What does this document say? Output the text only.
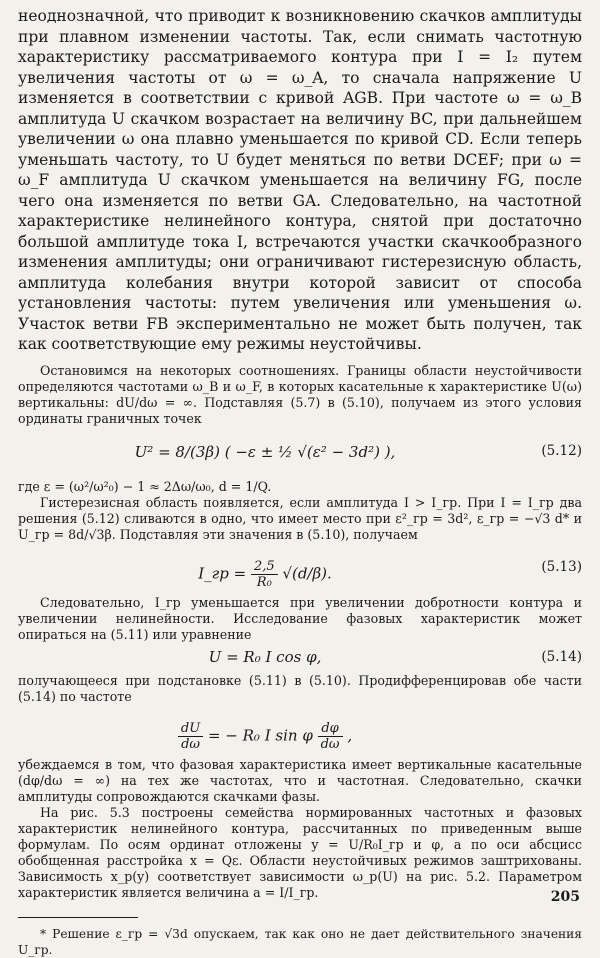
неоднозначной, что приводит к возникновению скачков амплитуды при плавном изменении частоты. Так, если снимать частотную характеристику рассматриваемого контура при I = I₂ путем увеличения частоты от ω = ω_A, то сначала напряжение U изменяется в соответствии с кривой AGB. При частоте ω = ω_B амплитуда U скачком возрастает на величину BC, при дальнейшем увеличении ω она плавно уменьшается по кривой CD. Если теперь уменьшать частоту, то U будет меняться по ветви DCEF; при ω = ω_F амплитуда U скачком уменьшается на величину FG, после чего она изменяется по ветви GA. Следовательно, на частотной характеристике нелинейного контура, снятой при достаточно большой амплитуде тока I, встречаются участки скачкообразного изменения амплитуды; они ограничивают гистерезисную область, амплитуда колебания внутри которой зависит от способа установления частоты: путем увеличения или уменьшения ω. Участок ветви FB экспериментально не может быть получен, так как соответствующие ему режимы неустойчивы.

Остановимся на некоторых соотношениях. Границы области неустойчивости определяются частотами ω_B и ω_F, в которых касательные к характеристике U(ω) вертикальны: dU/dω = ∞. Подставляя (5.7) в (5.10), получаем из этого условия ординаты граничных точек

U² = 8/(3β) ( −ε ± ½ √(ε² − 3d²) ),	(5.12)

где ε = (ω²/ω²₀) − 1 ≈ 2Δω/ω₀, d = 1/Q.

Гистерезисная область появляется, если амплитуда I > I_гр. При I = I_гр два решения (5.12) сливаются в одно, что имеет место при ε²_гр = 3d², ε_гр = −√3 d* и U_гр = 8d/√3β. Подставляя эти значения в (5.10), получаем

I_гр = $\frac{2,5}{\text{R₀}} √(d/\beta)$.	(5.13)

Следовательно, I_гр уменьшается при увеличении добротности контура и увеличении нелинейности. Исследование фазовых характеристик может опираться на (5.11) или уравнение

U = R₀ I cos φ,	(5.14)

получающееся при подстановке (5.11) в (5.10). Продифференцировав обе части (5.14) по частоте

$\frac{dU}{d\omega}$ = − R₀ I sin φ $\frac{d\varphi}{d\omega}$ ,

убеждаемся в том, что фазовая характеристика имеет вертикальные касательные (dφ/dω = ∞) на тех же частотах, что и частотная. Следовательно, скачки амплитуды сопровождаются скачками фазы.

На рис. 5.3 построены семейства нормированных частотных и фазовых характеристик нелинейного контура, рассчитанных по приведенным выше формулам. По осям ординат отложены y = U/R₀I_гр и φ, а по оси абсцисс обобщенная расстройка x = Qε. Области неустойчивых режимов заштрихованы. Зависимость x_p(y) соответствует зависимости ω_p(U) на рис. 5.2. Параметром характеристик является величина a = I/I_гр.

* Решение ε_гр = √3d опускаем, так как оно не дает действительного значения U_гр.

205
